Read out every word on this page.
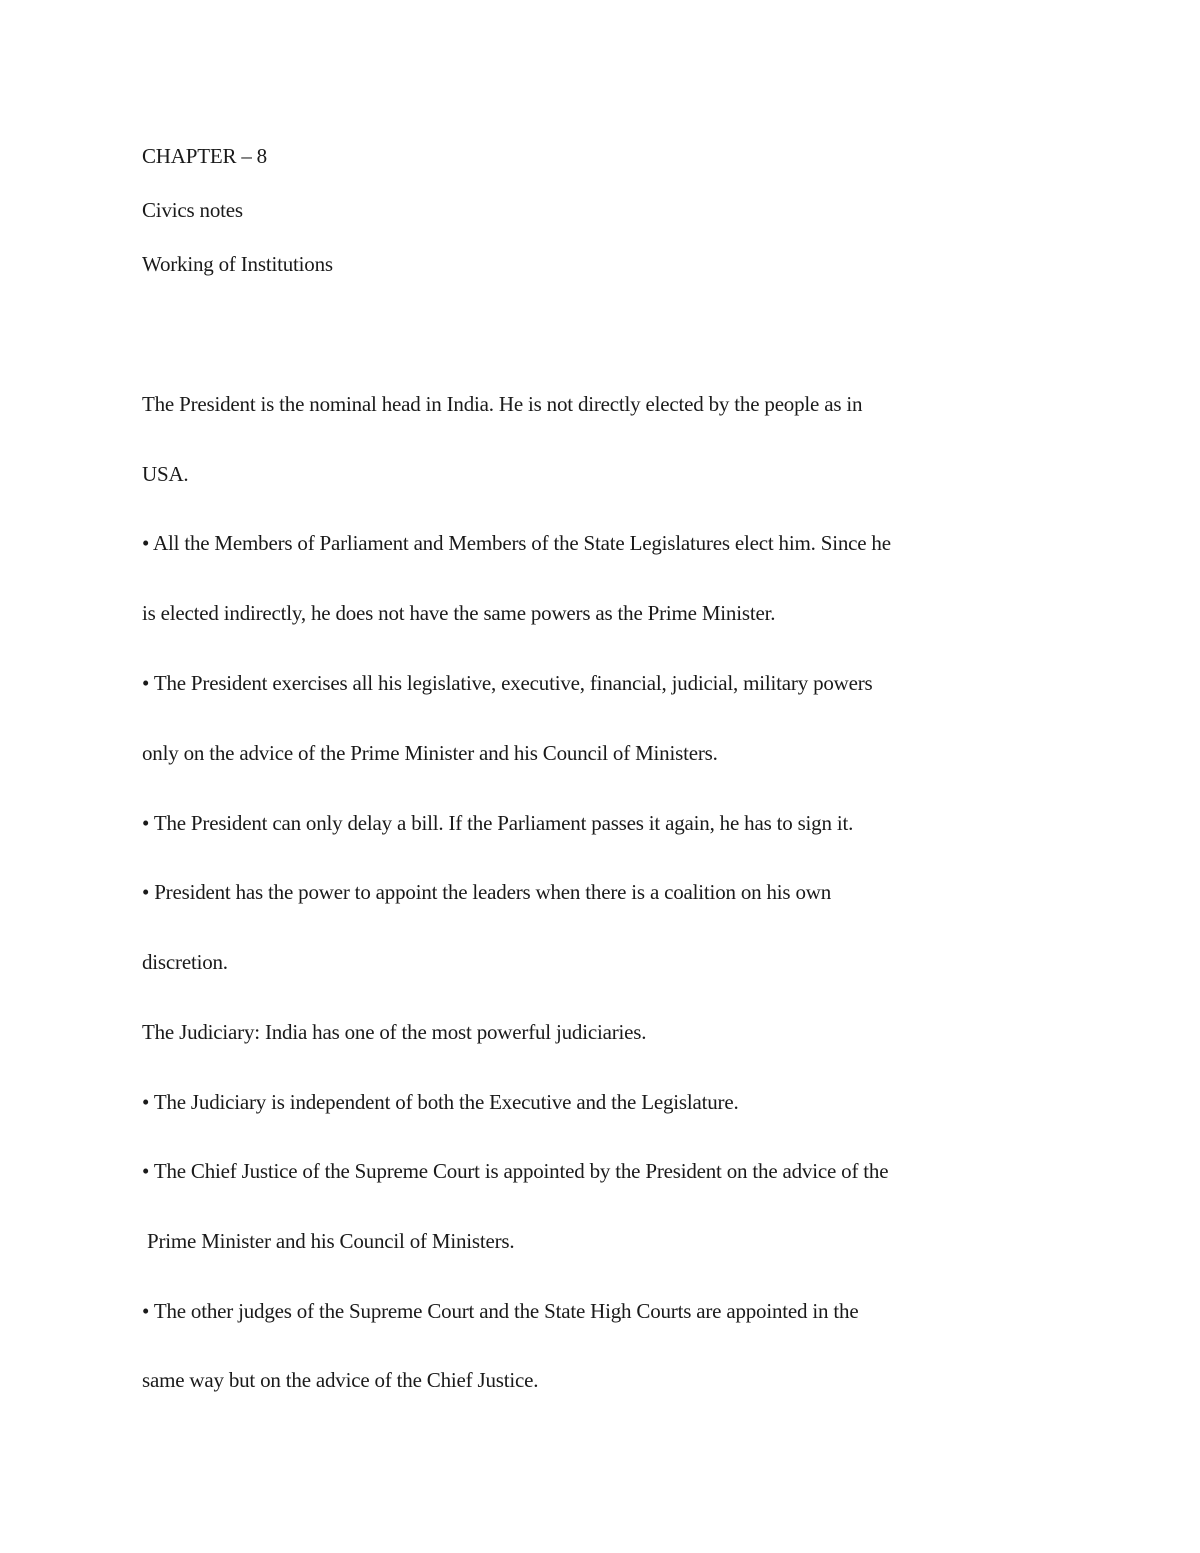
CHAPTER – 8
Civics notes
Working of Institutions
The President is the nominal head in India. He is not directly elected by the people as in
USA.
• All the Members of Parliament and Members of the State Legislatures elect him. Since he
is elected indirectly, he does not have the same powers as the Prime Minister.
• The President exercises all his legislative, executive, financial, judicial, military powers
only on the advice of the Prime Minister and his Council of Ministers.
• The President can only delay a bill. If the Parliament passes it again, he has to sign it.
• President has the power to appoint the leaders when there is a coalition on his own
discretion.
The Judiciary: India has one of the most powerful judiciaries.
• The Judiciary is independent of both the Executive and the Legislature.
• The Chief Justice of the Supreme Court is appointed by the President on the advice of the
Prime Minister and his Council of Ministers.
• The other judges of the Supreme Court and the State High Courts are appointed in the
same way but on the advice of the Chief Justice.
